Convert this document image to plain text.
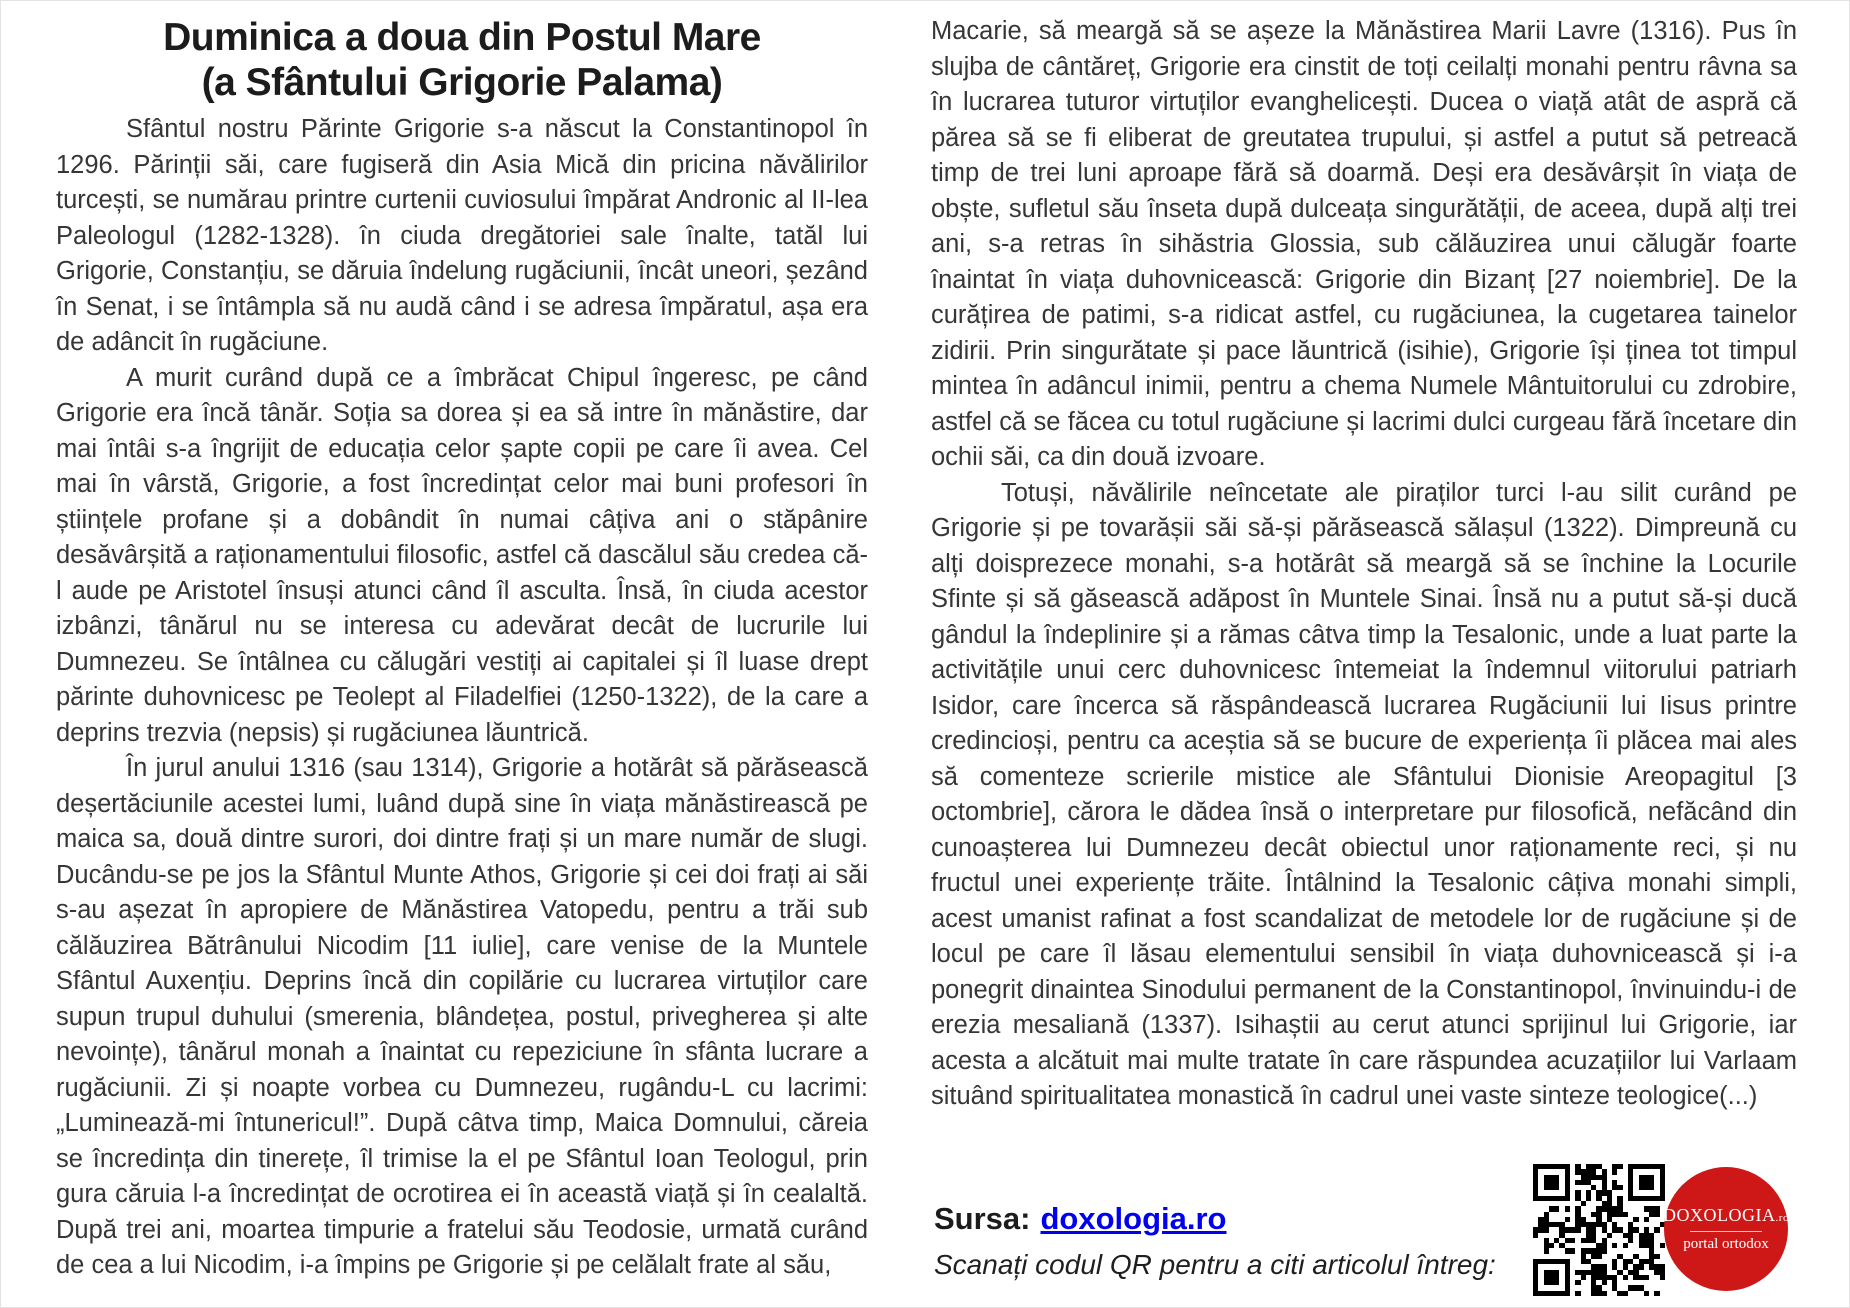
Duminica a doua din Postul Mare
(a Sfântului Grigorie Palama)

Sfântul nostru Părinte Grigorie s-a născut la Constantinopol în 1296. Părinții săi, care fugiseră din Asia Mică din pricina năvălirilor turcești, se numărau printre curtenii cuviosului împărat Andronic al II-lea Paleologul (1282-1328). în ciuda dregătoriei sale înalte, tatăl lui Grigorie, Constanțiu, se dăruia îndelung rugăciunii, încât uneori, șezând în Senat, i se întâmpla să nu audă când i se adresa împăratul, așa era de adâncit în rugăciune.

A murit curând după ce a îmbrăcat Chipul îngeresc, pe când Grigorie era încă tânăr. Soția sa dorea și ea să intre în mănăstire, dar mai întâi s-a îngrijit de educația celor șapte copii pe care îi avea. Cel mai în vârstă, Grigorie, a fost încredințat celor mai buni profesori în științele profane și a dobândit în numai câțiva ani o stăpânire desăvârșită a raționamentului filosofic, astfel că dascălul său credea că-l aude pe Aristotel însuși atunci când îl asculta. Însă, în ciuda acestor izbânzi, tânărul nu se interesa cu adevărat decât de lucrurile lui Dumnezeu. Se întâlnea cu călugări vestiți ai capitalei și îl luase drept părinte duhovnicesc pe Teolept al Filadelfiei (1250-1322), de la care a deprins trezvia (nepsis) și rugăciunea lăuntrică.

În jurul anului 1316 (sau 1314), Grigorie a hotărât să părăsească deșertăciunile acestei lumi, luând după sine în viața mănăstirească pe maica sa, două dintre surori, doi dintre frați și un mare număr de slugi. Ducându-se pe jos la Sfântul Munte Athos, Grigorie și cei doi frați ai săi s-au așezat în apropiere de Mănăstirea Vatopedu, pentru a trăi sub călăuzirea Bătrânului Nicodim [11 iulie], care venise de la Muntele Sfântul Auxențiu. Deprins încă din copilărie cu lucrarea virtuților care supun trupul duhului (smerenia, blândețea, postul, privegherea și alte nevoințe), tânărul monah a înaintat cu repeziciune în sfânta lucrare a rugăciunii. Zi și noapte vorbea cu Dumnezeu, rugându-L cu lacrimi: „Luminează-mi întunericul!”. După câtva timp, Maica Domnului, căreia se încredința din tinerețe, îl trimise la el pe Sfântul Ioan Teologul, prin gura căruia l-a încredințat de ocrotirea ei în această viață și în cealaltă. După trei ani, moartea timpurie a fratelui său Teodosie, urmată curând de cea a lui Nicodim, i-a împins pe Grigorie și pe celălalt frate al său,

Macarie, să meargă să se așeze la Mănăstirea Marii Lavre (1316). Pus în slujba de cântăreț, Grigorie era cinstit de toți ceilalți monahi pentru râvna sa în lucrarea tuturor virtuților evanghelicești. Ducea o viață atât de aspră că părea să se fi eliberat de greutatea trupului, și astfel a putut să petreacă timp de trei luni aproape fără să doarmă. Deși era desăvârșit în viața de obște, sufletul său înseta după dulceața singurătății, de aceea, după alți trei ani, s-a retras în sihăstria Glossia, sub călăuzirea unui călugăr foarte înaintat în viața duhovnicească: Grigorie din Bizanț [27 noiembrie]. De la curățirea de patimi, s-a ridicat astfel, cu rugăciunea, la cugetarea tainelor zidirii. Prin singurătate și pace lăuntrică (isihie), Grigorie își ținea tot timpul mintea în adâncul inimii, pentru a chema Numele Mântuitorului cu zdrobire, astfel că se făcea cu totul rugăciune și lacrimi dulci curgeau fără încetare din ochii săi, ca din două izvoare.

Totuși, năvălirile neîncetate ale piraților turci l-au silit curând pe Grigorie și pe tovarășii săi să-și părăsească sălașul (1322). Dimpreună cu alți doisprezece monahi, s-a hotărât să meargă să se închine la Locurile Sfinte și să găsească adăpost în Muntele Sinai. Însă nu a putut să-și ducă gândul la îndeplinire și a rămas câtva timp la Tesalonic, unde a luat parte la activitățile unui cerc duhovnicesc întemeiat la îndemnul viitorului patriarh Isidor, care încerca să răspândească lucrarea Rugăciunii lui Iisus printre credincioși, pentru ca aceștia să se bucure de experiența îi plăcea mai ales să comenteze scrierile mistice ale Sfântului Dionisie Areopagitul [3 octombrie], cărora le dădea însă o interpretare pur filosofică, nefăcând din cunoașterea lui Dumnezeu decât obiectul unor raționamente reci, și nu fructul unei experiențe trăite. Întâlnind la Tesalonic câțiva monahi simpli, acest umanist rafinat a fost scandalizat de metodele lor de rugăciune și de locul pe care îl lăsau elementului sensibil în viața duhovnicească și i-a ponegrit dinaintea Sinodului permanent de la Constantinopol, învinuindu-i de erezia mesaliană (1337). Isihaștii au cerut atunci sprijinul lui Grigorie, iar acesta a alcătuit mai multe tratate în care răspundea acuzațiilor lui Varlaam situând spiritualitatea monastică în cadrul unei vaste sinteze teologice(...)

Sursa: doxologia.ro
Scanați codul QR pentru a citi articolul întreg:
DOXOLOGIA.ro
portal ortodox
